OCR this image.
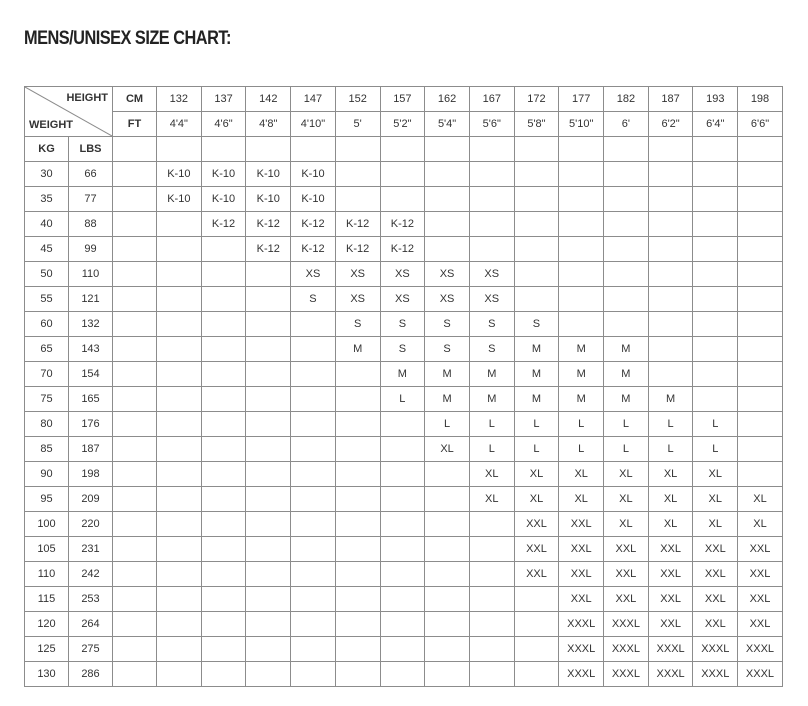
MENS/UNISEX SIZE CHART:
HEIGHT
WEIGHT		CM	132	137	142	147	152	157	162	167	172	177	182	187	193	198
		FT	4'4"	4'6"	4'8"	4'10"	5'	5'2"	5'4"	5'6"	5'8"	5'10"	6'	6'2"	6'4"	6'6"
KG	LBS															
30	66		K-10	K-10	K-10	K-10										
35	77		K-10	K-10	K-10	K-10										
40	88			K-12	K-12	K-12	K-12	K-12								
45	99				K-12	K-12	K-12	K-12								
50	110					XS	XS	XS	XS	XS						
55	121					S	XS	XS	XS	XS						
60	132						S	S	S	S	S					
65	143						M	S	S	S	M	M	M			
70	154							M	M	M	M	M	M			
75	165							L	M	M	M	M	M	M		
80	176								L	L	L	L	L	L	L	
85	187								XL	L	L	L	L	L	L	
90	198									XL	XL	XL	XL	XL	XL	
95	209									XL	XL	XL	XL	XL	XL	XL
100	220										XXL	XXL	XL	XL	XL	XL
105	231										XXL	XXL	XXL	XXL	XXL	XXL
110	242										XXL	XXL	XXL	XXL	XXL	XXL
115	253											XXL	XXL	XXL	XXL	XXL
120	264											XXXL	XXXL	XXL	XXL	XXL
125	275											XXXL	XXXL	XXXL	XXXL	XXXL
130	286											XXXL	XXXL	XXXL	XXXL	XXXL
